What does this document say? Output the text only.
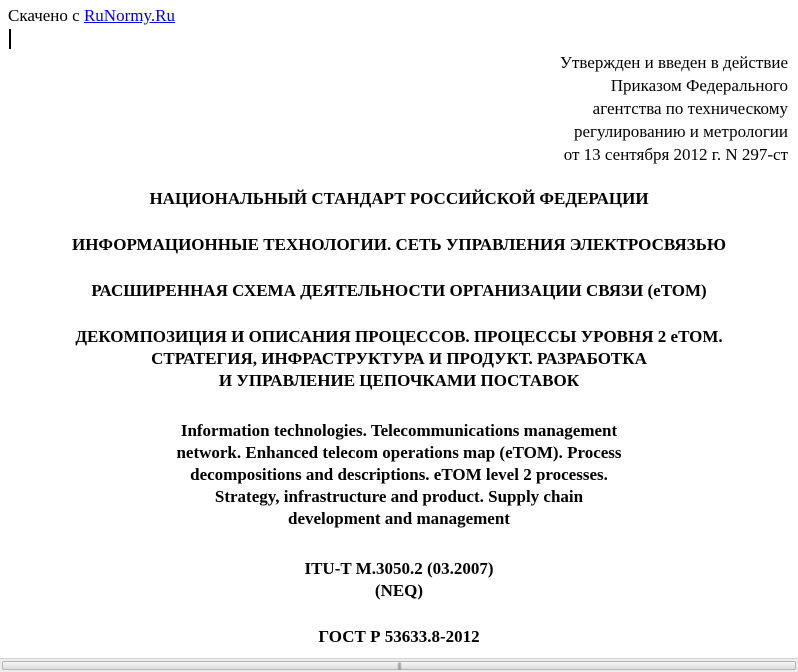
Скачено с RuNormy.Ru
Утвержден и введен в действие
Приказом Федерального
агентства по техническому
регулированию и метрологии
от 13 сентября 2012 г. N 297-ст
НАЦИОНАЛЬНЫЙ СТАНДАРТ РОССИЙСКОЙ ФЕДЕРАЦИИ
ИНФОРМАЦИОННЫЕ ТЕХНОЛОГИИ. СЕТЬ УПРАВЛЕНИЯ ЭЛЕКТРОСВЯЗЬЮ
РАСШИРЕННАЯ СХЕМА ДЕЯТЕЛЬНОСТИ ОРГАНИЗАЦИИ СВЯЗИ (eTOM)
ДЕКОМПОЗИЦИЯ И ОПИСАНИЯ ПРОЦЕССОВ. ПРОЦЕССЫ УРОВНЯ 2 eTOM.
СТРАТЕГИЯ, ИНФРАСТРУКТУРА И ПРОДУКТ. РАЗРАБОТКА
И УПРАВЛЕНИЕ ЦЕПОЧКАМИ ПОСТАВОК
Information technologies. Telecommunications management
network. Enhanced telecom operations map (eTOM). Process
decompositions and descriptions. eTOM level 2 processes.
Strategy, infrastructure and product. Supply chain
development and management
ITU-T M.3050.2 (03.2007)
(NEQ)
ГОСТ Р 53633.8-2012
|||
